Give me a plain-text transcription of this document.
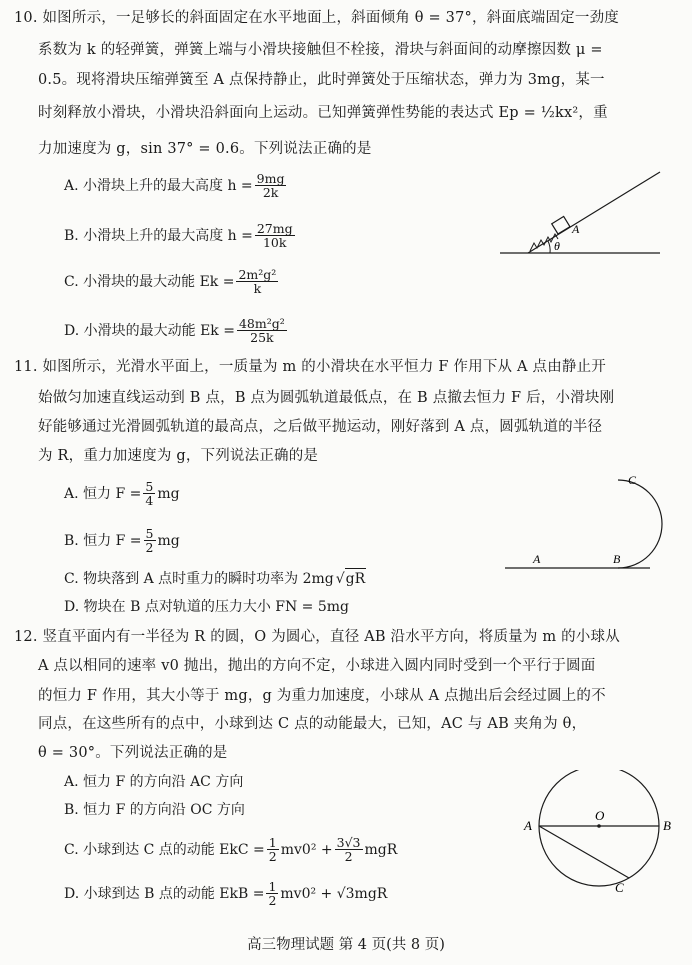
10. 如图所示，一足够长的斜面固定在水平地面上，斜面倾角 θ = 37°，斜面底端固定一劲度
系数为 k 的轻弹簧，弹簧上端与小滑块接触但不栓接，滑块与斜面间的动摩擦因数 μ =
0.5。现将滑块压缩弹簧至 A 点保持静止，此时弹簧处于压缩状态，弹力为 3mg，某一
时刻释放小滑块，小滑块沿斜面向上运动。已知弹簧弹性势能的表达式 Ep = ½kx²，重
力加速度为 g，sin 37° = 0.6。下列说法正确的是
A. 小滑块上升的最大高度 $h = \frac{9mg}{2k}$
B. 小滑块上升的最大高度 $h = \frac{27mg}{10k}$
C. 小滑块的最大动能 $Ek = \frac{\text{2m²g²}}{k}$
D. 小滑块的最大动能 $Ek = \frac{\text{48m²g²}}{25k}$
A
θ
11. 如图所示，光滑水平面上，一质量为 m 的小滑块在水平恒力 F 作用下从 A 点由静止开
始做匀加速直线运动到 B 点，B 点为圆弧轨道最低点，在 B 点撤去恒力 F 后，小滑块刚
好能够通过光滑圆弧轨道的最高点，之后做平抛运动，刚好落到 A 点，圆弧轨道的半径
为 R，重力加速度为 g，下列说法正确的是
A. 恒力 $F = \frac{5}{4}$ mg
B. 恒力 $F = \frac{5}{2}$ mg
C. 物块落到 A 点时重力的瞬时功率为 2mg √ gR
D. 物块在 B 点对轨道的压力大小 FN = 5mg
A	B
C
12. 竖直平面内有一半径为 R 的圆，O 为圆心，直径 AB 沿水平方向，将质量为 m 的小球从
A 点以相同的速率 v0 抛出，抛出的方向不定，小球进入圆内同时受到一个平行于圆面
的恒力 F 作用，其大小等于 mg，g 为重力加速度，小球从 A 点抛出后会经过圆上的不
同点，在这些所有的点中，小球到达 C 点的动能最大，已知，AC 与 AB 夹角为 θ，
θ = 30°。下列说法正确的是
A. 恒力 F 的方向沿 AC 方向
B. 恒力 F 的方向沿 OC 方向
C. 小球到达 C 点的动能 EkC = $\frac{1}{2} mv0^2 + \frac{3√3}{2}$ mgR
D. 小球到达 B 点的动能 EkB = $\frac{1}{2} mv0^2 + √3mgR$
A	B
O
C
高三物理试题 第 4 页(共 8 页)
